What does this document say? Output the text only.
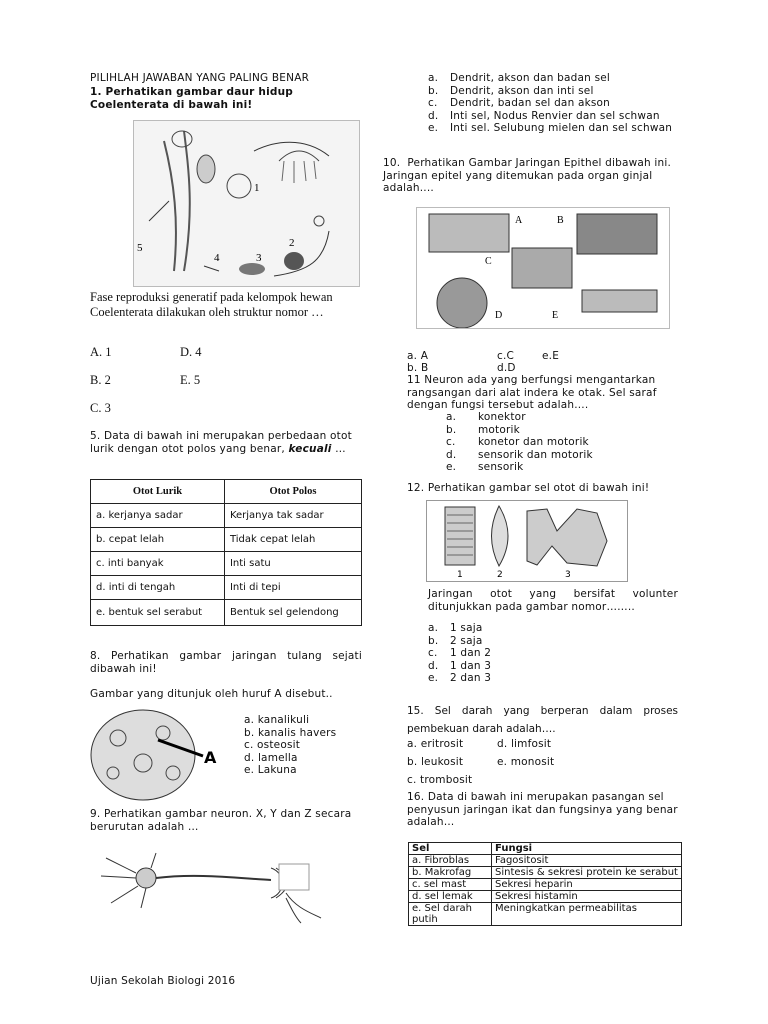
PILIHLAH JAWABAN YANG PALING BENAR
1. Perhatikan gambar daur hidup Coelenterata di bawah ini!
1
2
3
4
5
Fase reproduksi generatif pada kelompok hewan Coelenterata dilakukan oleh struktur nomor …
A. 1	D. 4
B. 2	E. 5
C. 3
5. Data di bawah ini merupakan perbedaan otot lurik dengan otot polos yang benar, kecuali …
Otot Lurik	Otot Polos
a. kerjanya sadar	Kerjanya tak sadar
b. cepat lelah	Tidak cepat lelah
c. inti banyak	Inti satu
d. inti di tengah	Inti di tepi
e. bentuk sel serabut	Bentuk sel gelendong
8. Perhatikan gambar jaringan tulang sejati dibawah ini!
Gambar yang ditunjuk oleh huruf A disebut..
A
a. kanalikuli
b. kanalis havers
c. osteosit
d. lamella
e. Lakuna
9. Perhatikan gambar neuron. X, Y dan Z secara berurutan adalah …
a.	Dendrit, akson dan badan sel
b.	Dendrit, akson dan inti sel
c.	Dendrit, badan sel dan akson
d.	Inti sel, Nodus Renvier dan sel schwan
e.	Inti sel. Selubung mielen dan sel schwan
10.  Perhatikan Gambar Jaringan Epithel dibawah ini. Jaringan epitel yang ditemukan pada organ ginjal                    adalah....
A	B
C
D	E
a. A	c.C	e.E
b. B	d.D
11 Neuron ada yang berfungsi mengantarkan rangsangan dari alat indera ke otak. Sel saraf dengan fungsi tersebut adalah....
a.	konektor
b.	motorik
c.	konetor dan motorik
d.	sensorik dan motorik
e.	sensorik
12. Perhatikan gambar sel otot di bawah ini!
1	2	3
Jaringan otot yang bersifat volunter ditunjukkan pada gambar nomor……..
a.	1 saja
b.	2 saja
c.	1 dan 2
d.	1 dan 3
e.	2 dan 3
15. Sel darah yang berperan dalam proses pembekuan darah adalah….
a. eritrosit	d. limfosit
b. leukosit	e. monosit
c. trombosit
16. Data di bawah ini merupakan pasangan sel penyusun jaringan ikat dan fungsinya yang benar adalah…
Sel	Fungsi
a. Fibroblas	Fagositosit
b. Makrofag	Sintesis & sekresi protein ke serabut
c. sel mast	Sekresi heparin
d. sel lemak	Sekresi histamin
e. Sel darah putih	Meningkatkan permeabilitas
Ujian Sekolah Biologi 2016
